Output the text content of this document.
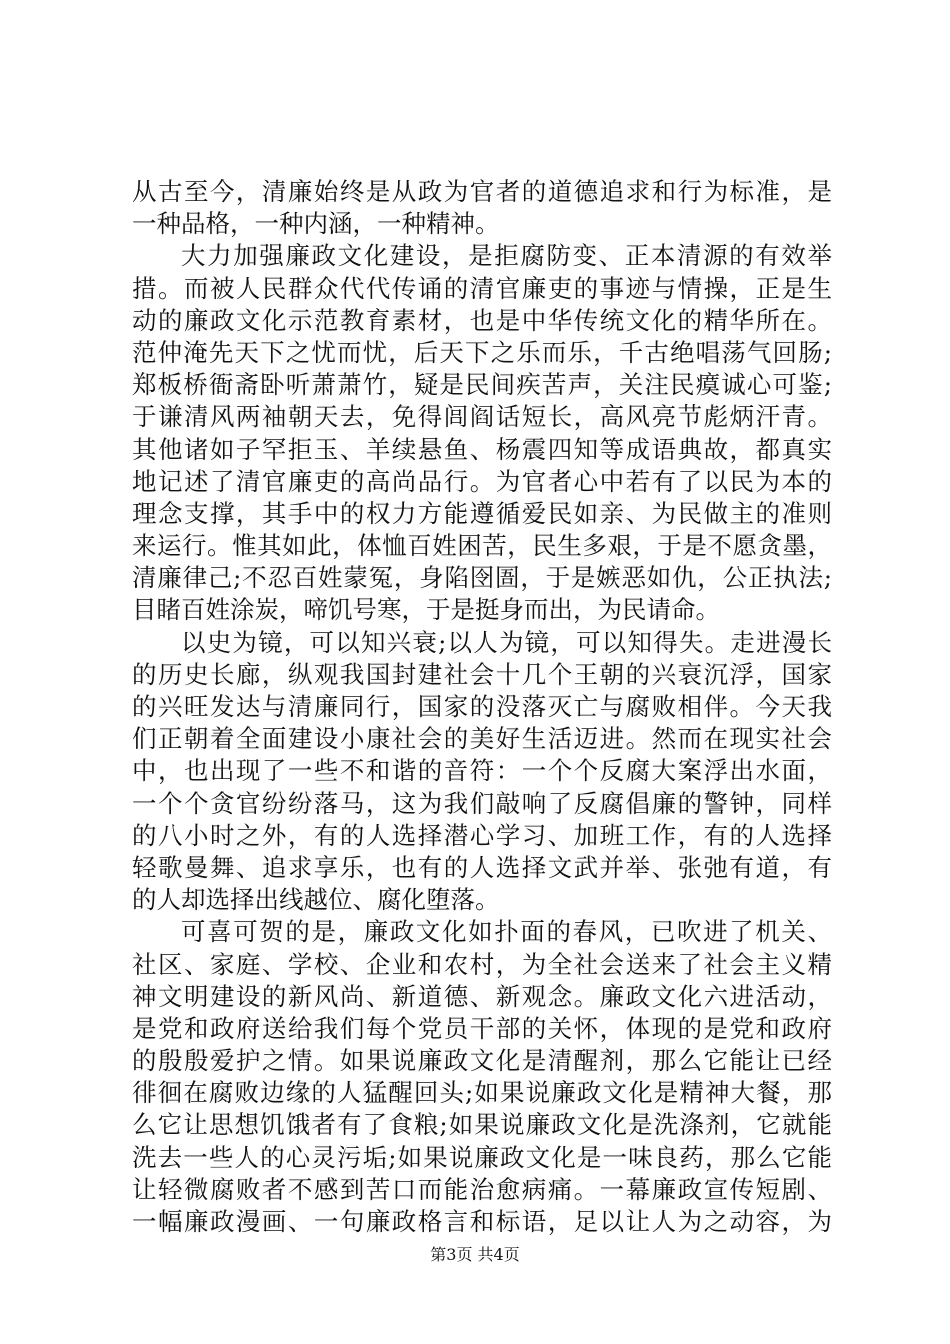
从古至今，清廉始终是从政为官者的道德追求和行为标准，是
一种品格，一种内涵，一种精神。
大力加强廉政文化建设，是拒腐防变、正本清源的有效举
措。而被人民群众代代传诵的清官廉吏的事迹与情操，正是生
动的廉政文化示范教育素材，也是中华传统文化的精华所在。
范仲淹先天下之忧而忧，后天下之乐而乐，千古绝唱荡气回肠;
郑板桥衙斋卧听萧萧竹，疑是民间疾苦声，关注民瘼诚心可鉴;
于谦清风两袖朝天去，免得闾阎话短长，高风亮节彪炳汗青。
其他诸如子罕拒玉、羊续悬鱼、杨震四知等成语典故，都真实
地记述了清官廉吏的高尚品行。为官者心中若有了以民为本的
理念支撑，其手中的权力方能遵循爱民如亲、为民做主的准则
来运行。惟其如此，体恤百姓困苦，民生多艰，于是不愿贪墨，
清廉律己;不忍百姓蒙冤，身陷囹圄，于是嫉恶如仇，公正执法;
目睹百姓涂炭，啼饥号寒，于是挺身而出，为民请命。
以史为镜，可以知兴衰;以人为镜，可以知得失。走进漫长
的历史长廊，纵观我国封建社会十几个王朝的兴衰沉浮，国家
的兴旺发达与清廉同行，国家的没落灭亡与腐败相伴。今天我
们正朝着全面建设小康社会的美好生活迈进。然而在现实社会
中，也出现了一些不和谐的音符：一个个反腐大案浮出水面，
一个个贪官纷纷落马，这为我们敲响了反腐倡廉的警钟，同样
的八小时之外，有的人选择潜心学习、加班工作，有的人选择
轻歌曼舞、追求享乐，也有的人选择文武并举、张弛有道，有
的人却选择出线越位、腐化堕落。
可喜可贺的是，廉政文化如扑面的春风，已吹进了机关、
社区、家庭、学校、企业和农村，为全社会送来了社会主义精
神文明建设的新风尚、新道德、新观念。廉政文化六进活动，
是党和政府送给我们每个党员干部的关怀，体现的是党和政府
的殷殷爱护之情。如果说廉政文化是清醒剂，那么它能让已经
徘徊在腐败边缘的人猛醒回头;如果说廉政文化是精神大餐，那
么它让思想饥饿者有了食粮;如果说廉政文化是洗涤剂，它就能
洗去一些人的心灵污垢;如果说廉政文化是一味良药，那么它能
让轻微腐败者不感到苦口而能治愈病痛。一幕廉政宣传短剧、
一幅廉政漫画、一句廉政格言和标语，足以让人为之动容，为
第3页 共4页
